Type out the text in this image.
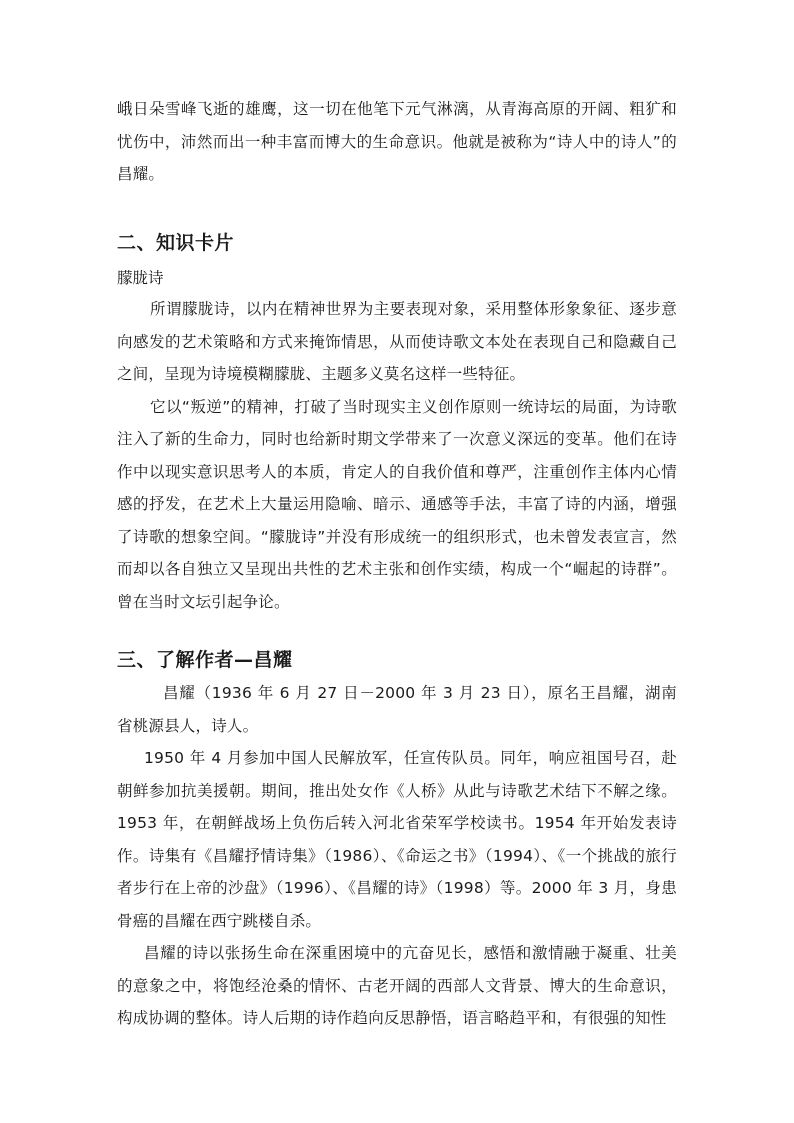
峨日朵雪峰飞逝的雄鹰，这一切在他笔下元气淋漓，从青海高原的开阔、粗犷和忧伤中，沛然而出一种丰富而博大的生命意识。他就是被称为“诗人中的诗人”的昌耀。

二、知识卡片
朦胧诗

所谓朦胧诗，以内在精神世界为主要表现对象，采用整体形象象征、逐步意向感发的艺术策略和方式来掩饰情思，从而使诗歌文本处在表现自己和隐藏自己之间，呈现为诗境模糊朦胧、主题多义莫名这样一些特征。

它以“叛逆”的精神，打破了当时现实主义创作原则一统诗坛的局面，为诗歌注入了新的生命力，同时也给新时期文学带来了一次意义深远的变革。他们在诗作中以现实意识思考人的本质，肯定人的自我价值和尊严，注重创作主体内心情感的抒发，在艺术上大量运用隐喻、暗示、通感等手法，丰富了诗的内涵，增强了诗歌的想象空间。“朦胧诗”并没有形成统一的组织形式，也未曾发表宣言，然而却以各自独立又呈现出共性的艺术主张和创作实绩，构成一个“崛起的诗群”。曾在当时文坛引起争论。

三、了解作者—昌耀

昌耀（1936 年 6 月 27 日－2000 年 3 月 23 日），原名王昌耀，湖南省桃源县人，诗人。

1950 年 4 月参加中国人民解放军，任宣传队员。同年，响应祖国号召，赴朝鲜参加抗美援朝。期间，推出处女作《人桥》从此与诗歌艺术结下不解之缘。1953 年，在朝鲜战场上负伤后转入河北省荣军学校读书。1954 年开始发表诗作。诗集有《昌耀抒情诗集》（1986）、《命运之书》（1994）、《一个挑战的旅行者步行在上帝的沙盘》（1996）、《昌耀的诗》（1998）等。2000 年 3 月，身患骨癌的昌耀在西宁跳楼自杀。

昌耀的诗以张扬生命在深重困境中的亢奋见长，感悟和激情融于凝重、壮美的意象之中，将饱经沧桑的情怀、古老开阔的西部人文背景、博大的生命意识，构成协调的整体。诗人后期的诗作趋向反思静悟，语言略趋平和，有很强的知性
